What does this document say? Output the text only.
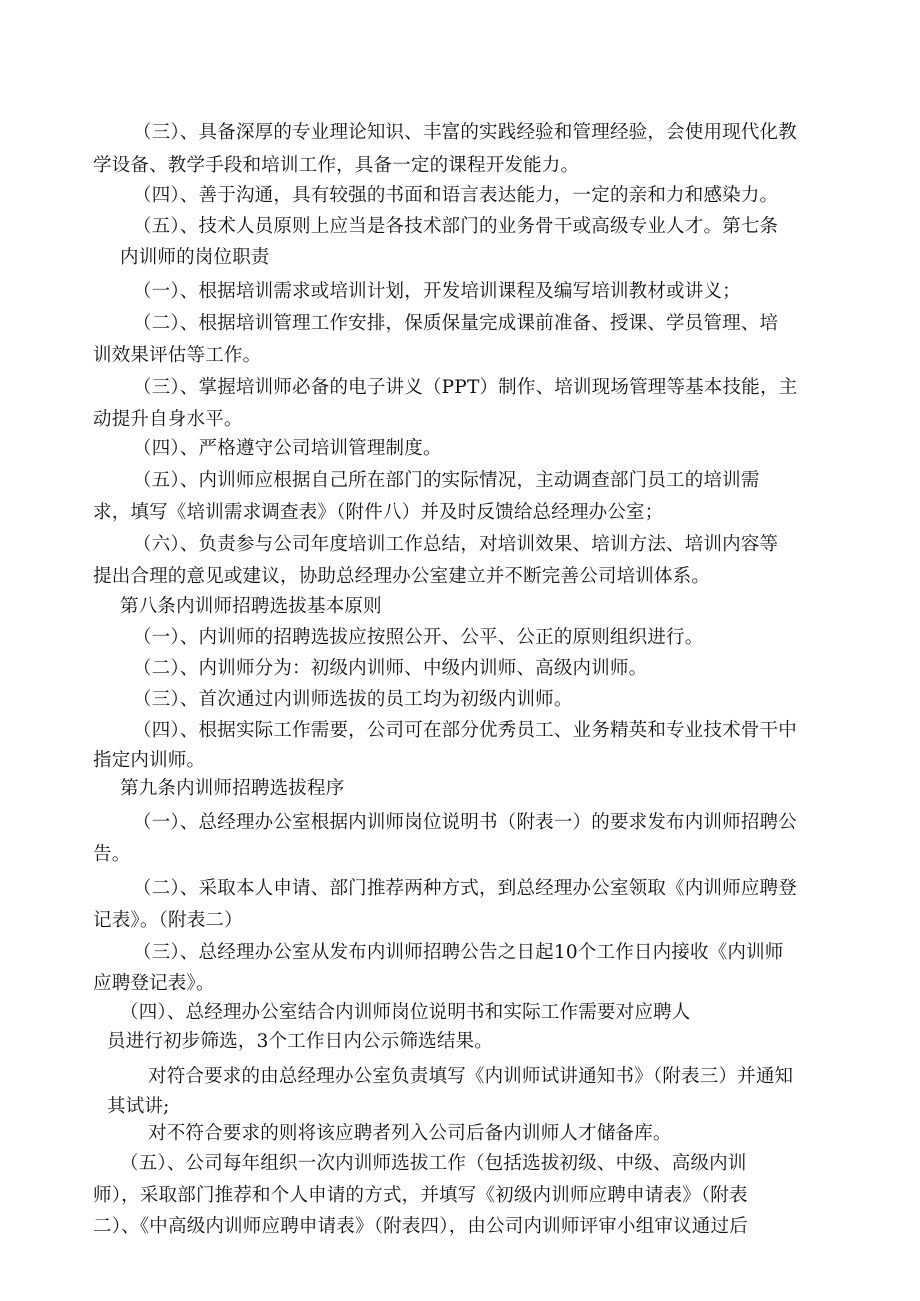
（三）、具备深厚的专业理论知识、丰富的实践经验和管理经验，会使用现代化教
学设备、教学手段和培训工作，具备一定的课程开发能力。
（四）、善于沟通，具有较强的书面和语言表达能力，一定的亲和力和感染力。
（五）、技术人员原则上应当是各技术部门的业务骨干或高级专业人才。第七条
内训师的岗位职责
（一）、根据培训需求或培训计划，开发培训课程及编写培训教材或讲义；
（二）、根据培训管理工作安排，保质保量完成课前准备、授课、学员管理、培
训效果评估等工作。
（三）、掌握培训师必备的电子讲义（PPT）制作、培训现场管理等基本技能，主
动提升自身水平。
（四）、严格遵守公司培训管理制度。
（五）、内训师应根据自己所在部门的实际情况，主动调查部门员工的培训需
求，填写《培训需求调查表》（附件八）并及时反馈给总经理办公室；
（六）、负责参与公司年度培训工作总结，对培训效果、培训方法、培训内容等
提出合理的意见或建议，协助总经理办公室建立并不断完善公司培训体系。
第八条内训师招聘选拔基本原则
（一）、内训师的招聘选拔应按照公开、公平、公正的原则组织进行。
（二）、内训师分为：初级内训师、中级内训师、高级内训师。
（三）、首次通过内训师选拔的员工均为初级内训师。
（四）、根据实际工作需要，公司可在部分优秀员工、业务精英和专业技术骨干中
指定内训师。
第九条内训师招聘选拔程序
（一）、总经理办公室根据内训师岗位说明书（附表一）的要求发布内训师招聘公
告。
（二）、采取本人申请、部门推荐两种方式，到总经理办公室领取《内训师应聘登
记表》。（附表二）
（三）、总经理办公室从发布内训师招聘公告之日起10个工作日内接收《内训师
应聘登记表》。
（四）、总经理办公室结合内训师岗位说明书和实际工作需要对应聘人
员进行初步筛选，3个工作日内公示筛选结果。
对符合要求的由总经理办公室负责填写《内训师试讲通知书》（附表三）并通知
其试讲;
对不符合要求的则将该应聘者列入公司后备内训师人才储备库。
（五）、公司每年组织一次内训师选拔工作（包括选拔初级、中级、高级内训
师），采取部门推荐和个人申请的方式，并填写《初级内训师应聘申请表》（附表
二）、《中高级内训师应聘申请表》（附表四），由公司内训师评审小组审议通过后
